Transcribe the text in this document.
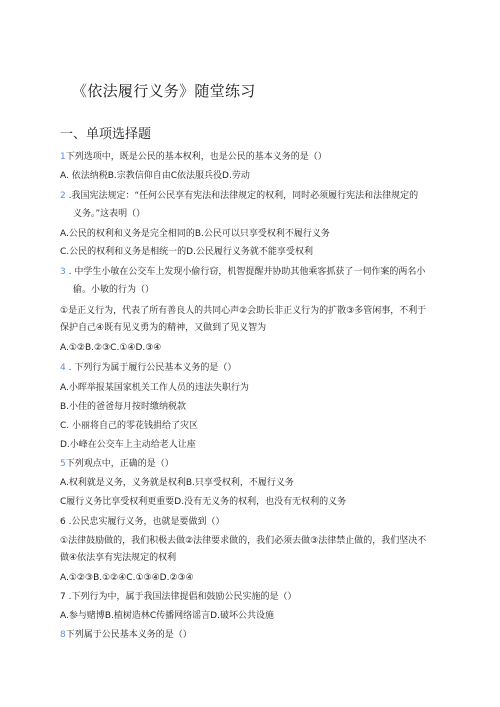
《依法履行义务》随堂练习
一、单项选择题
1下列选项中，既是公民的基本权利，也是公民的基本义务的是（）
A. 依法纳税B.宗教信仰自由C依法服兵役D.劳动
2 .我国宪法规定：“任何公民享有宪法和法律规定的权利，同时必须履行宪法和法律规定的
义务。”这表明（）
A.公民的权利和义务是完全相同的B.公民可以只享受权利不履行义务
C.公民的权利和义务是相统一的D.公民履行义务就不能享受权利
3 . 中学生小敏在公交车上发现小偷行窃，机智提醒并协助其他乘客抓获了一伺作案的两名小
偷。小敏的行为（）
①是正义行为，代表了所有善良人的共同心声②会助长非正义行为的扩散③多管闲事，不利于
保护自己④既有见义勇为的精神，又做到了见义智为
A.①②B.②③C.①④D.③④
4 . 下列行为属于履行公民基本义务的是（）
A.小晖举报某国家机关工作人员的违法失职行为
B.小佳的爸爸每月按时缴纳税款
C. 小丽将自己的零花钱捐给了灾区
D.小峰在公交车上主动给老人让座
5下列观点中，正确的是（）
A.权利就是义务，义务就是权利B.只享受权利，不履行义务
C履行义务比享受权利更重要D.没有无义务的权利，也没有无权利的义务
6 .公民忠实履行义务，也就是要做到（）
①法律鼓励做的，我们积极去做②法律要求做的，我们必须去做③法律禁止做的，我们坚决不
做④依法享有宪法规定的权利
A.①②③B.①②④C.①③④D.②③④
7 .下列行为中，属于我国法律提倡和鼓励公民实施的是（）
A.参与赌博B.植树造林C传播网络谣言D.破坏公共设施
8下列属于公民基本义务的是（）
